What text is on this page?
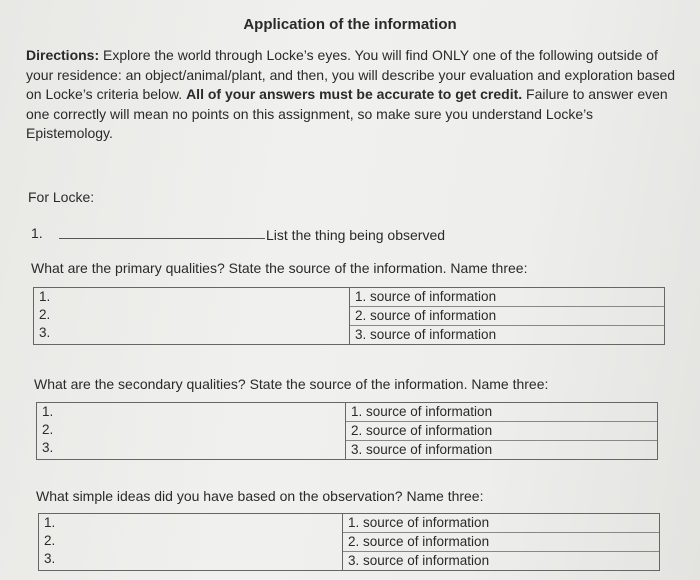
Application of the information
Directions: Explore the world through Locke’s eyes. You will find ONLY one of the following outside of your residence: an object/animal/plant, and then, you will describe your evaluation and exploration based on Locke’s criteria below. All of your answers must be accurate to get credit. Failure to answer even one correctly will mean no points on this assignment, so make sure you understand Locke’s Epistemology.
For Locke:
1.	List the thing being observed
What are the primary qualities? State the source of the information. Name three:
1.
2.
3.
1. source of information
2. source of information
3. source of information
What are the secondary qualities? State the source of the information. Name three:
1.
2.
3.
1. source of information
2. source of information
3. source of information
What simple ideas did you have based on the observation? Name three:
1.
2.
3.
1. source of information
2. source of information
3. source of information
